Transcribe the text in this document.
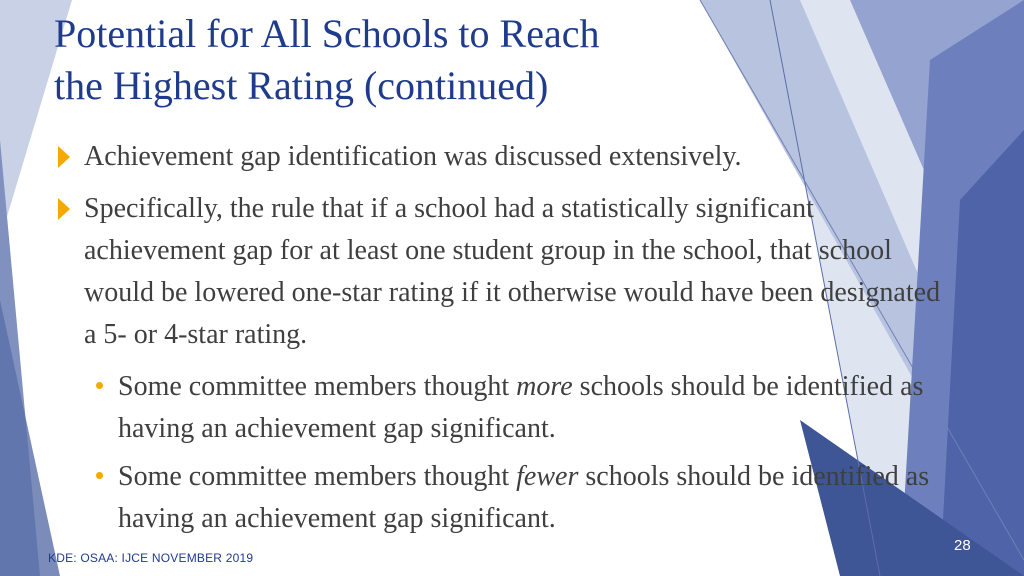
Potential for All Schools to Reach
the Highest Rating (continued)
Achievement gap identification was discussed extensively.
Specifically, the rule that if a school had a statistically significant achievement gap for at least one student group in the school, that school would be lowered one-star rating if it otherwise would have been designated a 5- or 4-star rating.
Some committee members thought more schools should be identified as having an achievement gap significant.
Some committee members thought fewer schools should be identified as having an achievement gap significant.
KDE: OSAA: IJCE NOVEMBER 2019
28
